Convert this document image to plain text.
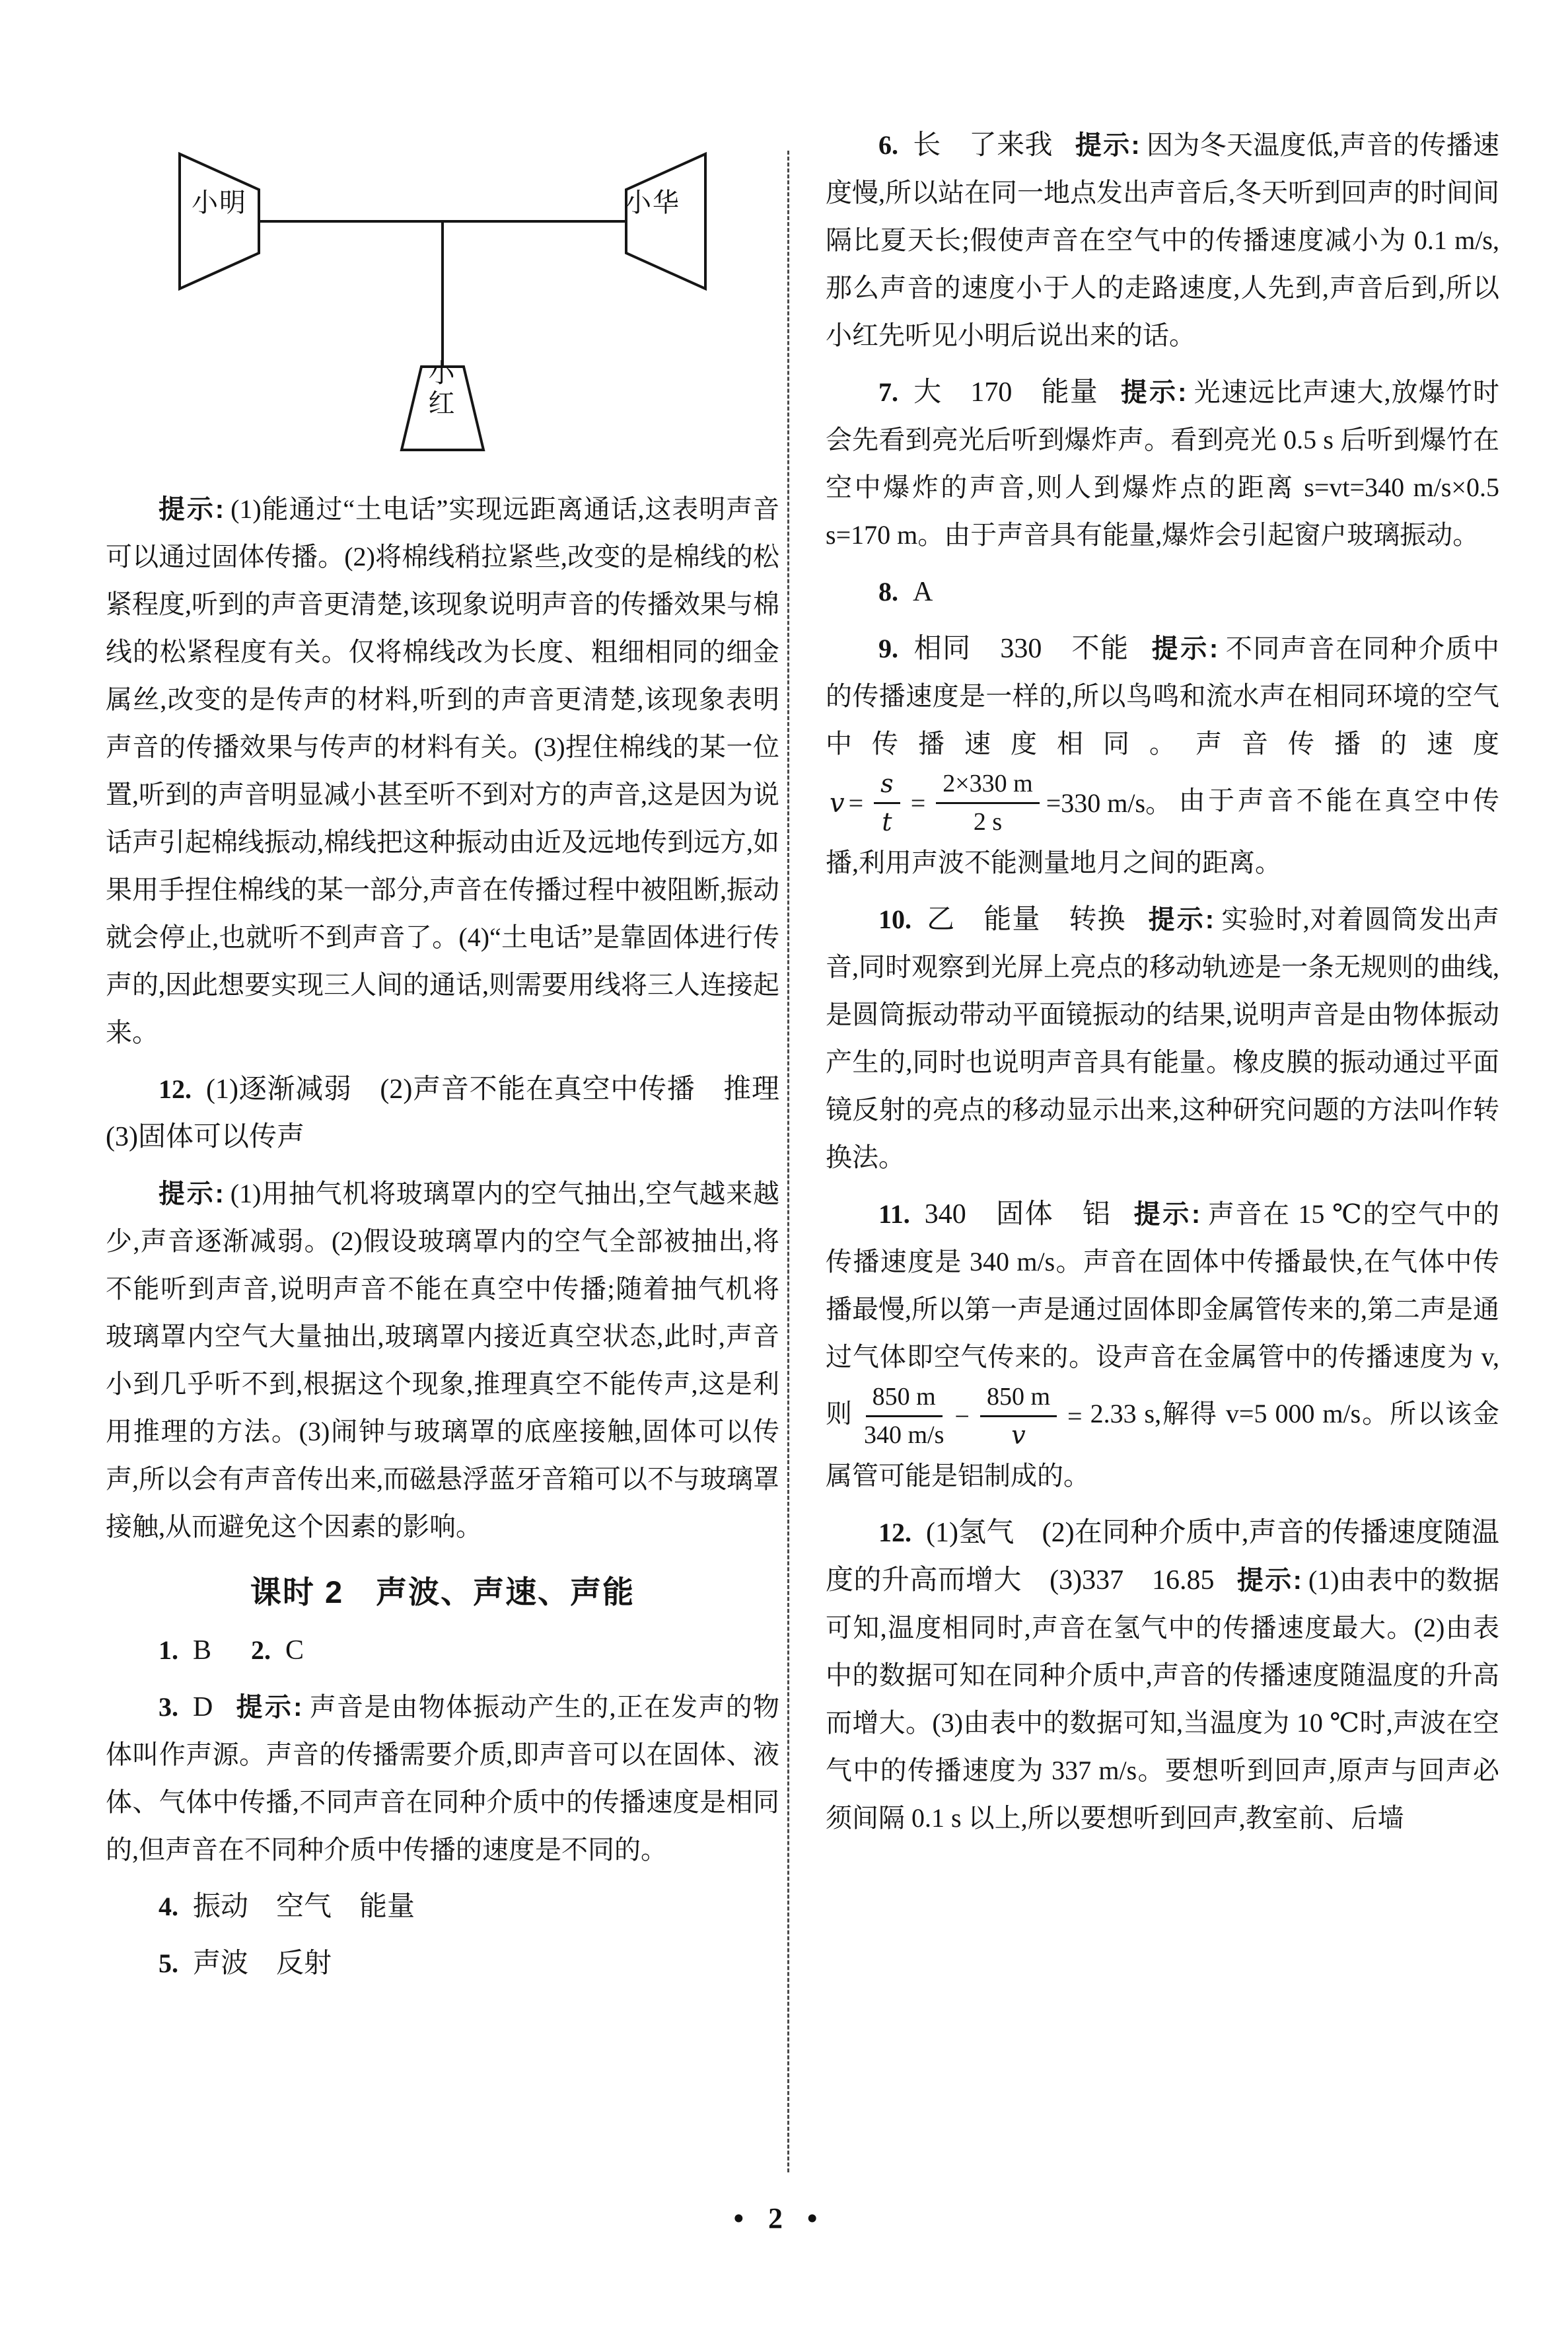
小明	小华
小红

提示: (1)能通过“土电话”实现远距离通话,这表明声音可以通过固体传播。(2)将棉线稍拉紧些,改变的是棉线的松紧程度,听到的声音更清楚,该现象说明声音的传播效果与棉线的松紧程度有关。仅将棉线改为长度、粗细相同的细金属丝,改变的是传声的材料,听到的声音更清楚,该现象表明声音的传播效果与传声的材料有关。(3)捏住棉线的某一位置,听到的声音明显减小甚至听不到对方的声音,这是因为说话声引起棉线振动,棉线把这种振动由近及远地传到远方,如果用手捏住棉线的某一部分,声音在传播过程中被阻断,振动就会停止,也就听不到声音了。(4)“土电话”是靠固体进行传声的,因此想要实现三人间的通话,则需要用线将三人连接起来。

12. (1)逐渐减弱　(2)声音不能在真空中传播　推理　(3)固体可以传声

提示: (1)用抽气机将玻璃罩内的空气抽出,空气越来越少,声音逐渐减弱。(2)假设玻璃罩内的空气全部被抽出,将不能听到声音,说明声音不能在真空中传播;随着抽气机将玻璃罩内空气大量抽出,玻璃罩内接近真空状态,此时,声音小到几乎听不到,根据这个现象,推理真空不能传声,这是利用推理的方法。(3)闹钟与玻璃罩的底座接触,固体可以传声,所以会有声音传出来,而磁悬浮蓝牙音箱可以不与玻璃罩接触,从而避免这个因素的影响。

课时 2　声波、声速、声能

1. B 2. C

3. D 提示: 声音是由物体振动产生的,正在发声的物体叫作声源。声音的传播需要介质,即声音可以在固体、液体、气体中传播,不同声音在同种介质中的传播速度是相同的,但声音在不同种介质中传播的速度是不同的。

4. 振动　空气　能量

5. 声波　反射

6. 长　了来我 提示: 因为冬天温度低,声音的传播速度慢,所以站在同一地点发出声音后,冬天听到回声的时间间隔比夏天长;假使声音在空气中的传播速度减小为 0.1 m/s,那么声音的速度小于人的走路速度,人先到,声音后到,所以小红先听见小明后说出来的话。

7. 大　170　能量 提示: 光速远比声速大,放爆竹时会先看到亮光后听到爆炸声。看到亮光 0.5 s 后听到爆竹在空中爆炸的声音,则人到爆炸点的距离 s=vt=340 m/s×0.5 s=170 m。由于声音具有能量,爆炸会引起窗户玻璃振动。

8. A

9. 相同　330　不能 提示: 不同声音在同种介质中的传播速度是一样的,所以鸟鸣和流水声在相同环境的空气中传播速度相同。声音传播的速度
$v = \frac{s}{t} = \frac{2\times 330 m}{2 s} =330$ m/s。 由于声音不能在真空中传播,利用声波不能测量地月之间的距离。

10. 乙　能量　转换 提示: 实验时,对着圆筒发出声音,同时观察到光屏上亮点的移动轨迹是一条无规则的曲线,是圆筒振动带动平面镜振动的结果,说明声音是由物体振动产生的,同时也说明声音具有能量。橡皮膜的振动通过平面镜反射的亮点的移动显示出来,这种研究问题的方法叫作转换法。

11. 340　固体　铝 提示: 声音在 15 ℃的空气中的传播速度是 340 m/s。声音在固体中传播最快,在气体中传播最慢,所以第一声是通过固体即金属管传来的,第二声是通过气体即空气传来的。设声音在金属管中的传播速度为 v,则 $\frac{850 m}{340 m/s} - \frac{850 m}{v} = 2.33$ s,解得 v=5 000 m/s。所以该金属管可能是铝制成的。

12. (1)氢气　(2)在同种介质中,声音的传播速度随温度的升高而增大　(3)337　16.85 提示: (1)由表中的数据可知,温度相同时,声音在氢气中的传播速度最大。(2)由表中的数据可知在同种介质中,声音的传播速度随温度的升高而增大。(3)由表中的数据可知,当温度为 10 ℃时,声波在空气中的传播速度为 337 m/s。要想听到回声,原声与回声必须间隔 0.1 s 以上,所以要想听到回声,教室前、后墙

• 2 •
